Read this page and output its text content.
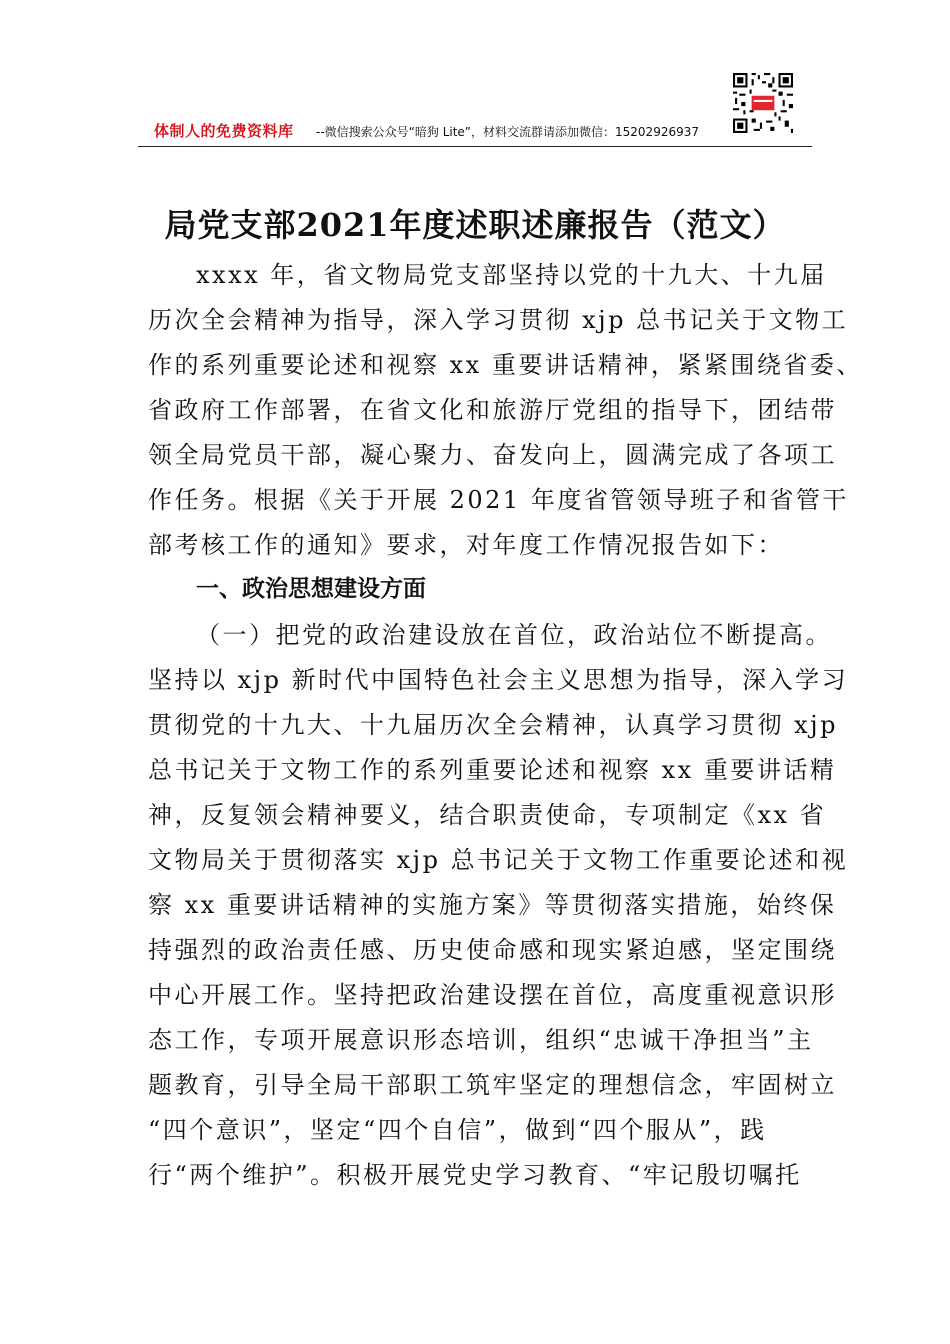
体制人的免费资料库 --微信搜索公众号“暗狗 Lite”，材料交流群请添加微信：15202926937
局党支部2021年度述职述廉报告（范文）
xxxx 年，省文物局党支部坚持以党的十九大、十九届
历次全会精神为指导，深入学习贯彻 xjp 总书记关于文物工
作的系列重要论述和视察 xx 重要讲话精神，紧紧围绕省委、
省政府工作部署，在省文化和旅游厅党组的指导下，团结带
领全局党员干部，凝心聚力、奋发向上，圆满完成了各项工
作任务。根据《关于开展 2021 年度省管领导班子和省管干
部考核工作的通知》要求，对年度工作情况报告如下：
一、政治思想建设方面
（一）把党的政治建设放在首位，政治站位不断提高。
坚持以 xjp 新时代中国特色社会主义思想为指导，深入学习
贯彻党的十九大、十九届历次全会精神，认真学习贯彻 xjp
总书记关于文物工作的系列重要论述和视察 xx 重要讲话精
神，反复领会精神要义，结合职责使命，专项制定《xx 省
文物局关于贯彻落实 xjp 总书记关于文物工作重要论述和视
察 xx 重要讲话精神的实施方案》等贯彻落实措施，始终保
持强烈的政治责任感、历史使命感和现实紧迫感，坚定围绕
中心开展工作。坚持把政治建设摆在首位，高度重视意识形
态工作，专项开展意识形态培训，组织“忠诚干净担当”主
题教育，引导全局干部职工筑牢坚定的理想信念，牢固树立
“四个意识”，坚定“四个自信”，做到“四个服从”，践
行“两个维护”。积极开展党史学习教育、“牢记殷切嘱托
